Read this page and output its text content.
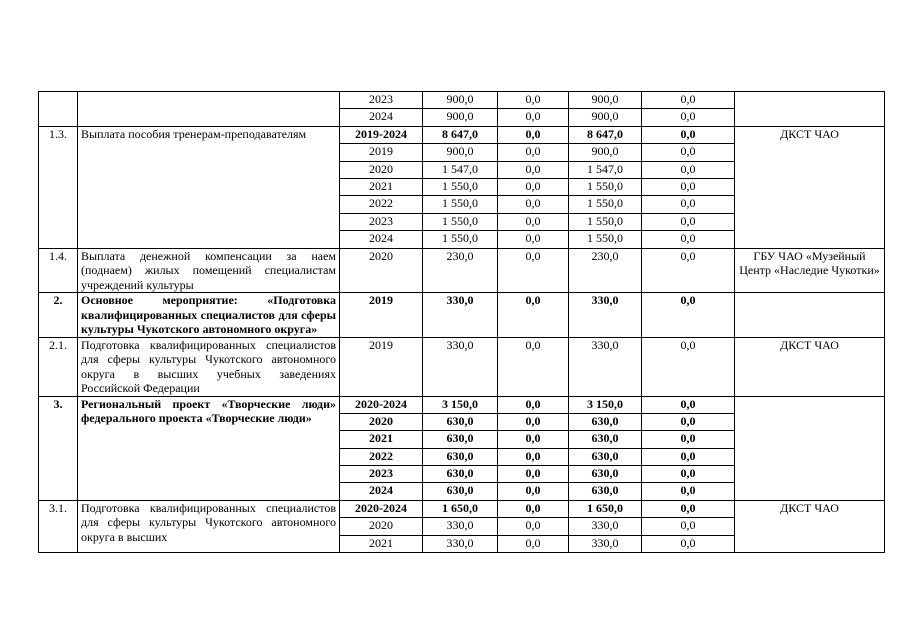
		2023	900,0	0,0	900,0	0,0	
		2024	900,0	0,0	900,0	0,0	
1.3.	Выплата пособия тренерам-преподавателям	2019-2024	8 647,0	0,0	8 647,0	0,0	ДКСТ ЧАО
		2019	900,0	0,0	900,0	0,0	
		2020	1 547,0	0,0	1 547,0	0,0	
		2021	1 550,0	0,0	1 550,0	0,0	
		2022	1 550,0	0,0	1 550,0	0,0	
		2023	1 550,0	0,0	1 550,0	0,0	
		2024	1 550,0	0,0	1 550,0	0,0	
1.4.	Выплата денежной компенсации за наем (поднаем) жилых помещений специалистам учреждений культуры	2020	230,0	0,0	230,0	0,0	ГБУ ЧАО «Музейный Центр «Наследие Чукотки»
2.	Основное мероприятие: «Подготовка квалифицированных специалистов для сферы культуры Чукотского автономного округа»	2019	330,0	0,0	330,0	0,0	
2.1.	Подготовка квалифицированных специалистов для сферы культуры Чукотского автономного округа в высших учебных заведениях Российской Федерации	2019	330,0	0,0	330,0	0,0	ДКСТ ЧАО
3.	Региональный проект «Творческие люди» федерального проекта «Творческие люди»	2020-2024	3 150,0	0,0	3 150,0	0,0	
		2020	630,0	0,0	630,0	0,0	
		2021	630,0	0,0	630,0	0,0	
		2022	630,0	0,0	630,0	0,0	
		2023	630,0	0,0	630,0	0,0	
		2024	630,0	0,0	630,0	0,0	
3.1.	Подготовка квалифицированных специалистов для сферы культуры Чукотского автономного округа в высших	2020-2024	1 650,0	0,0	1 650,0	0,0	ДКСТ ЧАО
		2020	330,0	0,0	330,0	0,0	
		2021	330,0	0,0	330,0	0,0	
